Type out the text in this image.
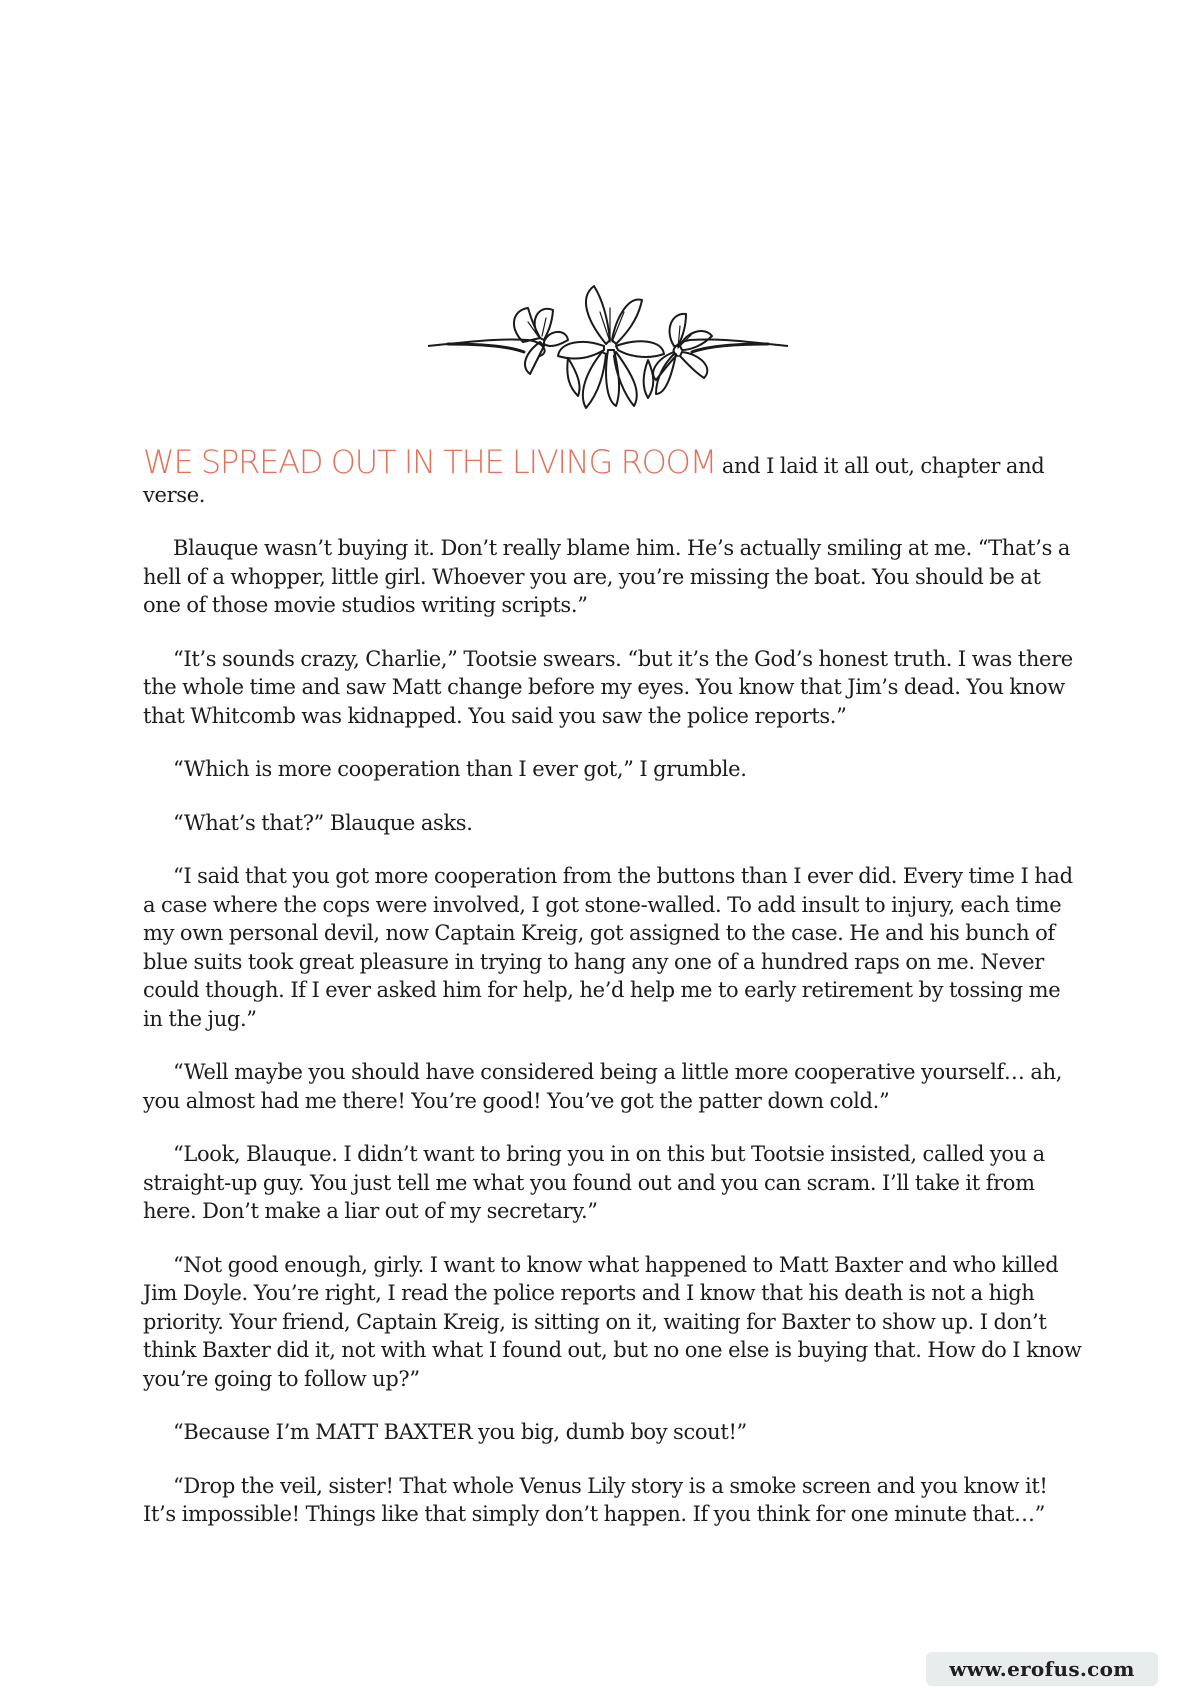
WE SPREAD OUT IN THE LIVING ROOM and I laid it all out, chapter and verse.

Blauque wasn’t buying it. Don’t really blame him. He’s actually smiling at me. “That’s a hell of a whopper, little girl. Whoever you are, you’re missing the boat. You should be at one of those movie studios writing scripts.”

“It’s sounds crazy, Charlie,” Tootsie swears. “but it’s the God’s honest truth. I was there the whole time and saw Matt change before my eyes. You know that Jim’s dead. You know that Whitcomb was kidnapped. You said you saw the police reports.”

“Which is more cooperation than I ever got,” I grumble.

“What’s that?” Blauque asks.

“I said that you got more cooperation from the buttons than I ever did. Every time I had a case where the cops were involved, I got stone-walled. To add insult to injury, each time my own personal devil, now Captain Kreig, got assigned to the case. He and his bunch of blue suits took great pleasure in trying to hang any one of a hundred raps on me. Never could though. If I ever asked him for help, he’d help me to early retirement by tossing me in the jug.”

“Well maybe you should have considered being a little more cooperative yourself… ah, you almost had me there! You’re good! You’ve got the patter down cold.”

“Look, Blauque. I didn’t want to bring you in on this but Tootsie insisted, called you a straight-up guy. You just tell me what you found out and you can scram. I’ll take it from here. Don’t make a liar out of my secretary.”

“Not good enough, girly. I want to know what happened to Matt Baxter and who killed Jim Doyle. You’re right, I read the police reports and I know that his death is not a high priority. Your friend, Captain Kreig, is sitting on it, waiting for Baxter to show up. I don’t think Baxter did it, not with what I found out, but no one else is buying that. How do I know you’re going to follow up?”

“Because I’m MATT BAXTER you big, dumb boy scout!”

“Drop the veil, sister! That whole Venus Lily story is a smoke screen and you know it! It’s impossible! Things like that simply don’t happen. If you think for one minute that…”

www.erofus.com
